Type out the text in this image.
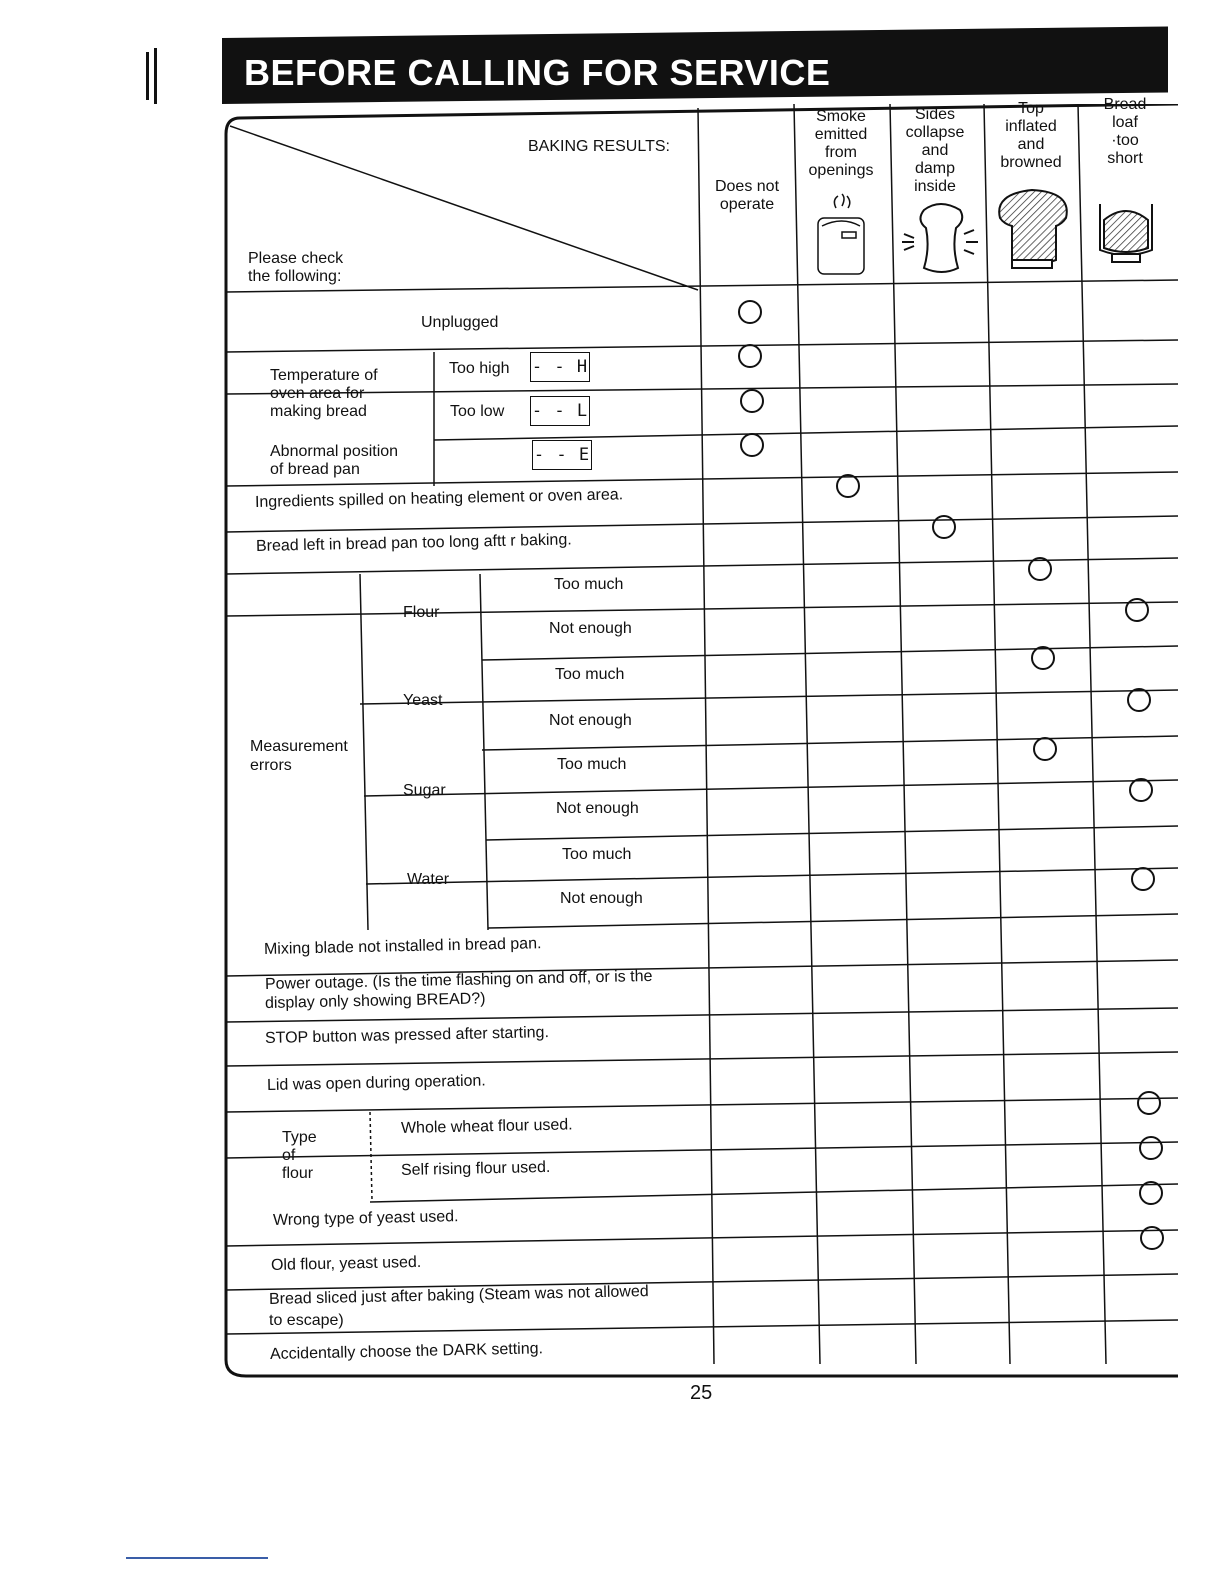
BEFORE CALLING FOR SERVICE
BAKING RESULTS:
Please check
the following:
Does not
operate
Smoke
emitted
from
openings
Sides
collapse
and
damp
inside
Top
inflated
and
browned
Bread
loaf
·too
short
Unplugged
Temperature of
oven area for
making bread
Too high - - H
Too low - - L
Abnormal position
of bread pan
- - E
Ingredients spilled on heating element or oven area.
Bread left in bread pan too long aftt r baking.
Measurement
errors
Flour
Too much
Not enough
Yeast
Too much
Not enough
Sugar
Too much
Not enough
Water
Too much
Not enough
Mixing blade not installed in bread pan.
Power outage. (Is the time flashing on and off, or is the
display only showing BREAD?)
STOP button was pressed after starting.
Lid was open during operation.
Type
of
flour
Whole wheat flour used.
Self rising flour used.
Wrong type of yeast used.
Old flour, yeast used.
Bread sliced just after baking (Steam was not allowed
to escape)
Accidentally choose the DARK setting.
25
